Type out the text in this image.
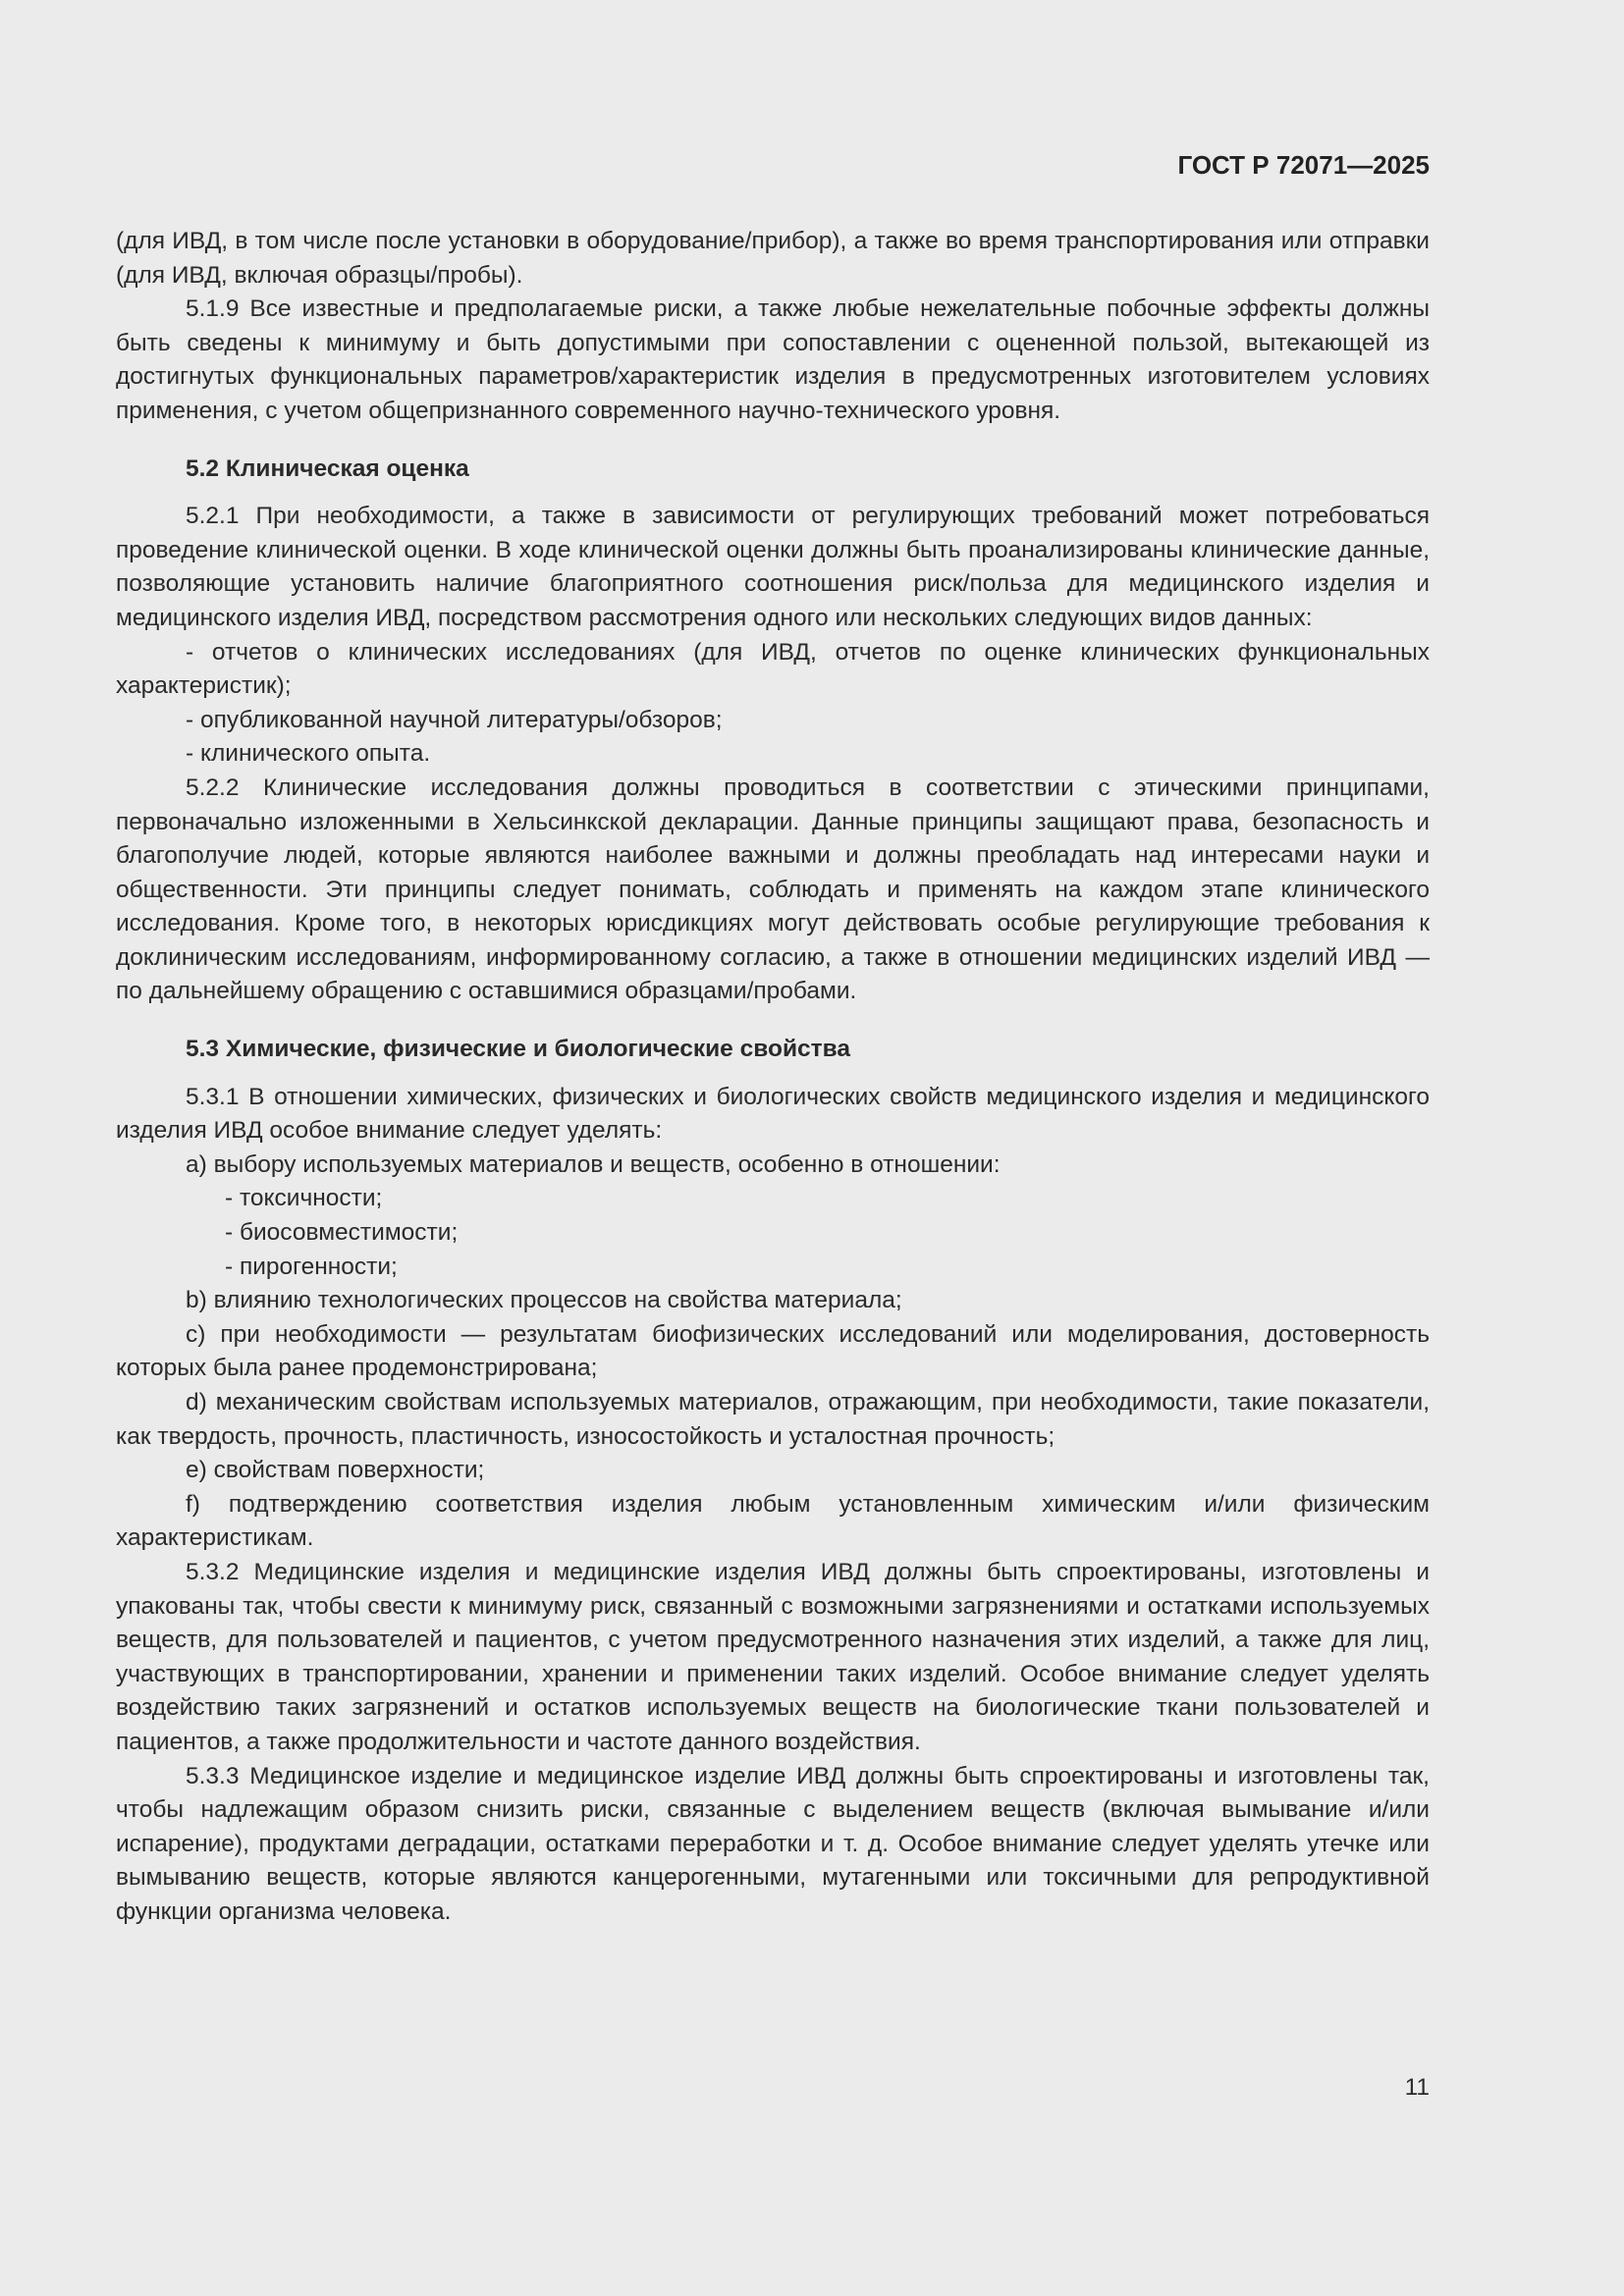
ГОСТ Р 72071—2025

(для ИВД, в том числе после установки в оборудование/прибор), а также во время транспортирования или отправки (для ИВД, включая образцы/пробы).

5.1.9 Все известные и предполагаемые риски, а также любые нежелательные побочные эффекты должны быть сведены к минимуму и быть допустимыми при сопоставлении с оцененной пользой, вытекающей из достигнутых функциональных параметров/характеристик изделия в предусмотренных изготовителем условиях применения, с учетом общепризнанного современного научно-технического уровня.

5.2 Клиническая оценка

5.2.1 При необходимости, а также в зависимости от регулирующих требований может потребоваться проведение клинической оценки. В ходе клинической оценки должны быть проанализированы клинические данные, позволяющие установить наличие благоприятного соотношения риск/польза для медицинского изделия и медицинского изделия ИВД, посредством рассмотрения одного или нескольких следующих видов данных:

- отчетов о клинических исследованиях (для ИВД, отчетов по оценке клинических функциональных характеристик);

- опубликованной научной литературы/обзоров;

- клинического опыта.

5.2.2 Клинические исследования должны проводиться в соответствии с этическими принципами, первоначально изложенными в Хельсинкской декларации. Данные принципы защищают права, безопасность и благополучие людей, которые являются наиболее важными и должны преобладать над интересами науки и общественности. Эти принципы следует понимать, соблюдать и применять на каждом этапе клинического исследования. Кроме того, в некоторых юрисдикциях могут действовать особые регулирующие требования к доклиническим исследованиям, информированному согласию, а также в отношении медицинских изделий ИВД — по дальнейшему обращению с оставшимися образцами/пробами.

5.3 Химические, физические и биологические свойства

5.3.1 В отношении химических, физических и биологических свойств медицинского изделия и медицинского изделия ИВД особое внимание следует уделять:

a) выбору используемых материалов и веществ, особенно в отношении:

- токсичности;

- биосовместимости;

- пирогенности;

b) влиянию технологических процессов на свойства материала;

c) при необходимости — результатам биофизических исследований или моделирования, достоверность которых была ранее продемонстрирована;

d) механическим свойствам используемых материалов, отражающим, при необходимости, такие показатели, как твердость, прочность, пластичность, износостойкость и усталостная прочность;

e) свойствам поверхности;

f) подтверждению соответствия изделия любым установленным химическим и/или физическим характеристикам.

5.3.2 Медицинские изделия и медицинские изделия ИВД должны быть спроектированы, изготовлены и упакованы так, чтобы свести к минимуму риск, связанный с возможными загрязнениями и остатками используемых веществ, для пользователей и пациентов, с учетом предусмотренного назначения этих изделий, а также для лиц, участвующих в транспортировании, хранении и применении таких изделий. Особое внимание следует уделять воздействию таких загрязнений и остатков используемых веществ на биологические ткани пользователей и пациентов, а также продолжительности и частоте данного воздействия.

5.3.3 Медицинское изделие и медицинское изделие ИВД должны быть спроектированы и изготовлены так, чтобы надлежащим образом снизить риски, связанные с выделением веществ (включая вымывание и/или испарение), продуктами деградации, остатками переработки и т. д. Особое внимание следует уделять утечке или вымыванию веществ, которые являются канцерогенными, мутагенными или токсичными для репродуктивной функции организма человека.

11
